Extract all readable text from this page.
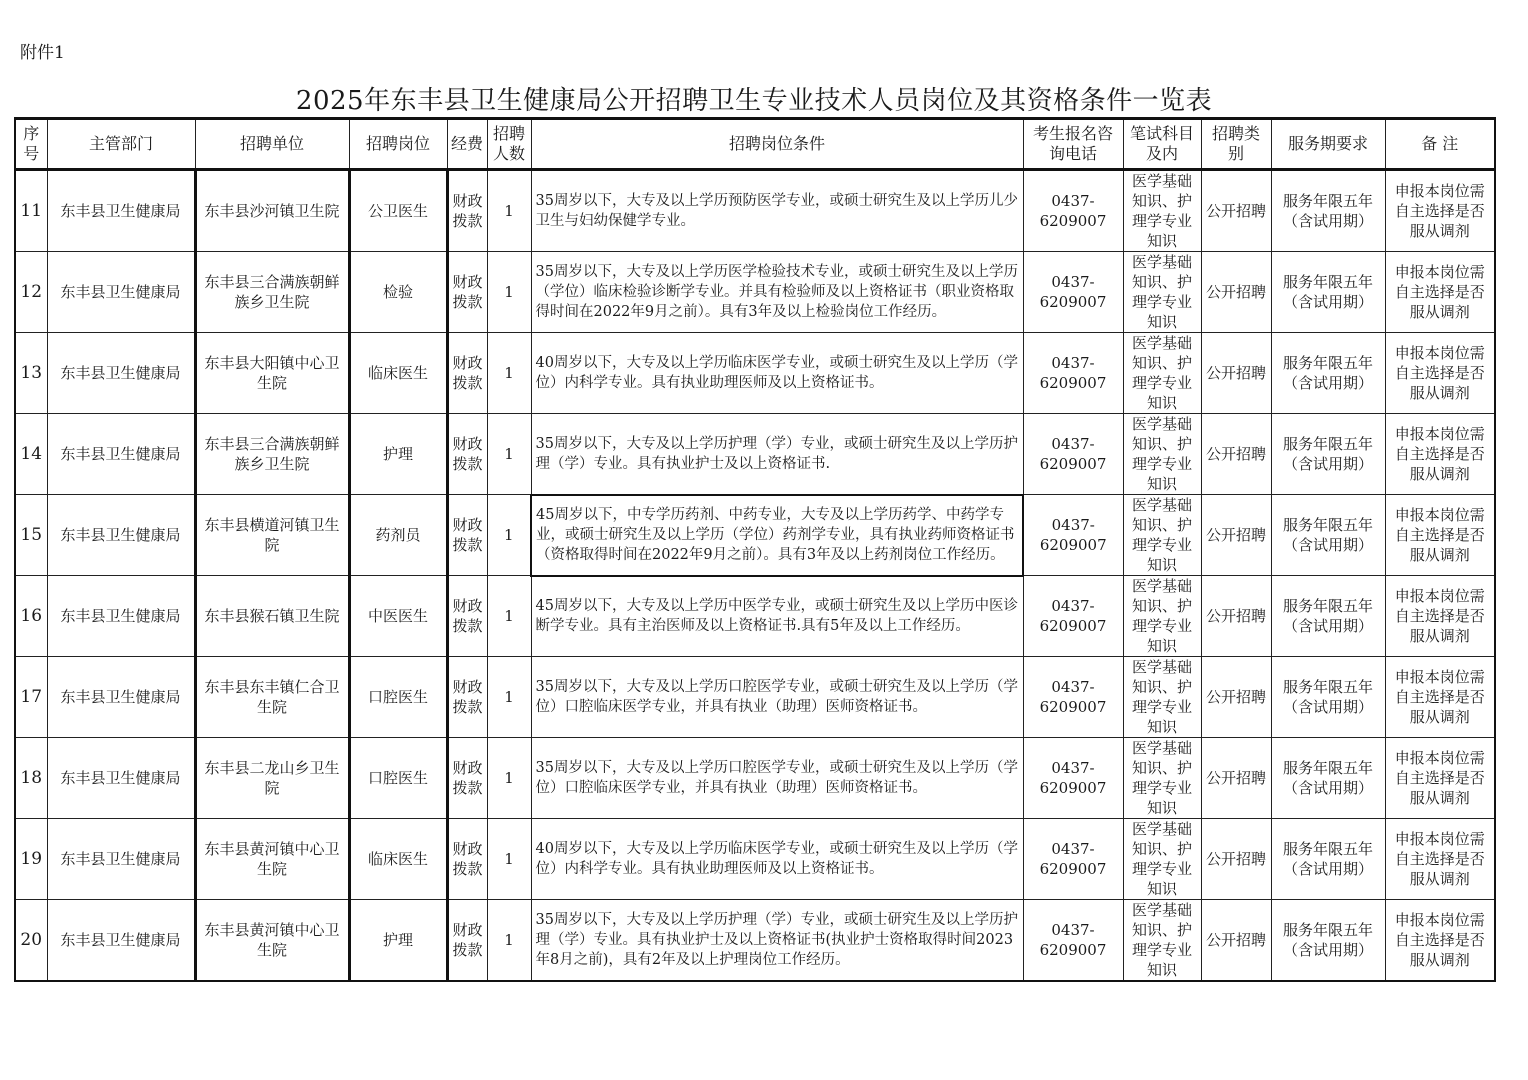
附件1
2025年东丰县卫生健康局公开招聘卫生专业技术人员岗位及其资格条件一览表
序号	主管部门	招聘单位	招聘岗位	经费	招聘人数	招聘岗位条件	考生报名咨询电话	笔试科目及内	招聘类别	服务期要求	备 注
11	东丰县卫生健康局	东丰县沙河镇卫生院	公卫医生	财政拨款	1	35周岁以下，大专及以上学历预防医学专业，或硕士研究生及以上学历儿少卫生与妇幼保健学专业。	0437-6209007	医学基础知识、护理学专业知识	公开招聘	服务年限五年（含试用期）	申报本岗位需自主选择是否服从调剂
12	东丰县卫生健康局	东丰县三合满族朝鲜族乡卫生院	检验	财政拨款	1	35周岁以下，大专及以上学历医学检验技术专业，或硕士研究生及以上学历（学位）临床检验诊断学专业。并具有检验师及以上资格证书（职业资格取得时间在2022年9月之前）。具有3年及以上检验岗位工作经历。	0437-6209007	医学基础知识、护理学专业知识	公开招聘	服务年限五年（含试用期）	申报本岗位需自主选择是否服从调剂
13	东丰县卫生健康局	东丰县大阳镇中心卫生院	临床医生	财政拨款	1	40周岁以下，大专及以上学历临床医学专业，或硕士研究生及以上学历（学位）内科学专业。具有执业助理医师及以上资格证书。	0437-6209007	医学基础知识、护理学专业知识	公开招聘	服务年限五年（含试用期）	申报本岗位需自主选择是否服从调剂
14	东丰县卫生健康局	东丰县三合满族朝鲜族乡卫生院	护理	财政拨款	1	35周岁以下，大专及以上学历护理（学）专业，或硕士研究生及以上学历护理（学）专业。具有执业护士及以上资格证书.	0437-6209007	医学基础知识、护理学专业知识	公开招聘	服务年限五年（含试用期）	申报本岗位需自主选择是否服从调剂
15	东丰县卫生健康局	东丰县横道河镇卫生院	药剂员	财政拨款	1	45周岁以下，中专学历药剂、中药专业，大专及以上学历药学、中药学专业，或硕士研究生及以上学历（学位）药剂学专业，具有执业药师资格证书（资格取得时间在2022年9月之前）。具有3年及以上药剂岗位工作经历。	0437-6209007	医学基础知识、护理学专业知识	公开招聘	服务年限五年（含试用期）	申报本岗位需自主选择是否服从调剂
16	东丰县卫生健康局	东丰县猴石镇卫生院	中医医生	财政拨款	1	45周岁以下，大专及以上学历中医学专业，或硕士研究生及以上学历中医诊断学专业。具有主治医师及以上资格证书.具有5年及以上工作经历。	0437-6209007	医学基础知识、护理学专业知识	公开招聘	服务年限五年（含试用期）	申报本岗位需自主选择是否服从调剂
17	东丰县卫生健康局	东丰县东丰镇仁合卫生院	口腔医生	财政拨款	1	35周岁以下，大专及以上学历口腔医学专业，或硕士研究生及以上学历（学位）口腔临床医学专业，并具有执业（助理）医师资格证书。	0437-6209007	医学基础知识、护理学专业知识	公开招聘	服务年限五年（含试用期）	申报本岗位需自主选择是否服从调剂
18	东丰县卫生健康局	东丰县二龙山乡卫生院	口腔医生	财政拨款	1	35周岁以下，大专及以上学历口腔医学专业，或硕士研究生及以上学历（学位）口腔临床医学专业，并具有执业（助理）医师资格证书。	0437-6209007	医学基础知识、护理学专业知识	公开招聘	服务年限五年（含试用期）	申报本岗位需自主选择是否服从调剂
19	东丰县卫生健康局	东丰县黄河镇中心卫生院	临床医生	财政拨款	1	40周岁以下，大专及以上学历临床医学专业，或硕士研究生及以上学历（学位）内科学专业。具有执业助理医师及以上资格证书。	0437-6209007	医学基础知识、护理学专业知识	公开招聘	服务年限五年（含试用期）	申报本岗位需自主选择是否服从调剂
20	东丰县卫生健康局	东丰县黄河镇中心卫生院	护理	财政拨款	1	35周岁以下，大专及以上学历护理（学）专业，或硕士研究生及以上学历护理（学）专业。具有执业护士及以上资格证书(执业护士资格取得时间2023年8月之前)，具有2年及以上护理岗位工作经历。	0437-6209007	医学基础知识、护理学专业知识	公开招聘	服务年限五年（含试用期）	申报本岗位需自主选择是否服从调剂
